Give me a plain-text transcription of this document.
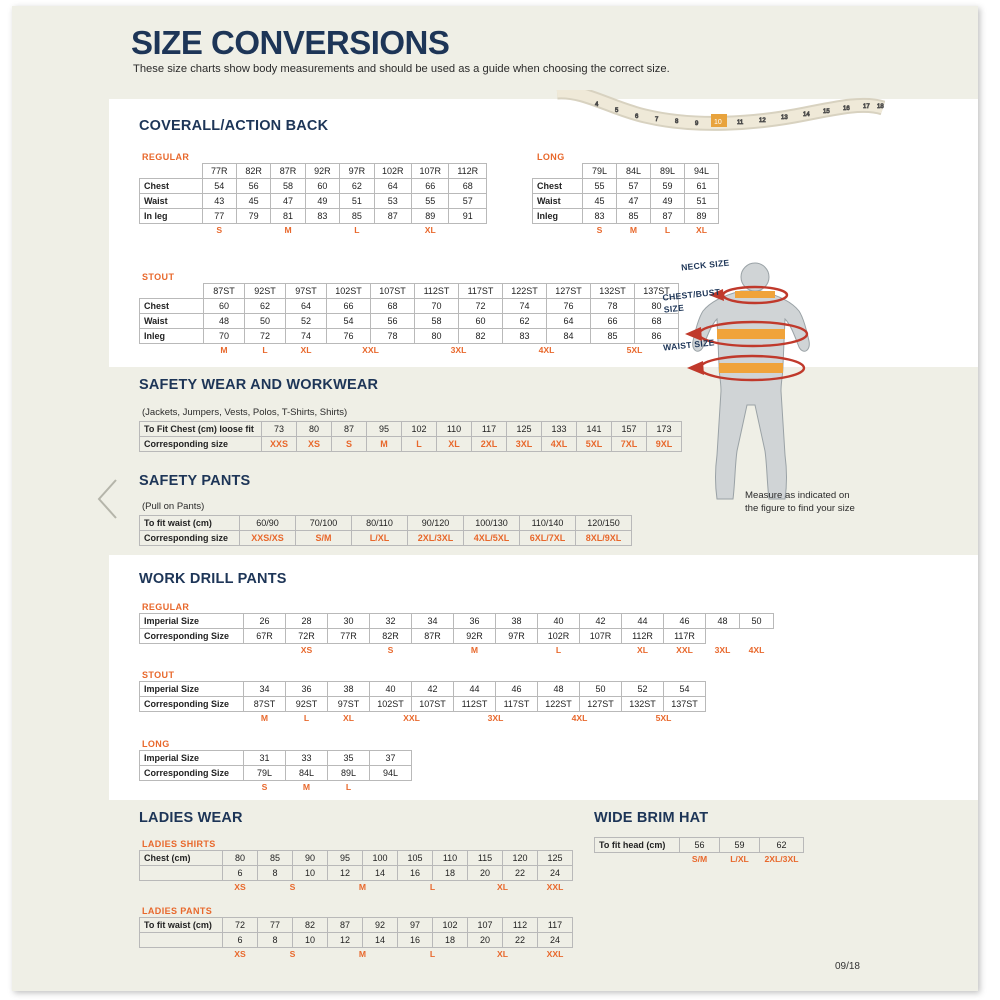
SIZE CONVERSIONS
These size charts show body measurements and should be used as a guide when choosing the correct size.
4
5
6	7	8	9	11	12	13	14 15 16 17 18
10
COVERALL/ACTION BACK
REGULAR
	77R	82R	87R	92R	97R	102R	107R	112R
Chest	54	56	58	60	62	64	66	68
Waist	43	45	47	49	51	53	55	57
In leg	77	79	81	83	85	87	89	91
	S		M		L		XL	
LONG
	79L	84L	89L	94L
Chest	55	57	59	61
Waist	45	47	49	51
Inleg	83	85	87	89
	S	M	L	XL
STOUT
	87ST	92ST	97ST	102ST	107ST	112ST	117ST	122ST	127ST	132ST	137ST
Chest	60	62	64	66	68	70	72	74	76	78	80
Waist	48	50	52	54	56	58	60	62	64	66	68
Inleg	70	72	74	76	78	80	82	83	84	85	86
	M	L	XL	XXL		3XL		4XL		5XL	
SAFETY WEAR AND WORKWEAR
(Jackets, Jumpers, Vests, Polos, T-Shirts, Shirts)
To Fit Chest (cm) loose fit	73	80	87	95	102	110	117	125	133	141	157	173
Corresponding size	XXS	XS	S	M	L	XL	2XL	3XL	4XL	5XL	7XL	9XL
SAFETY PANTS
(Pull on Pants)
To fit waist (cm)	60/90	70/100	80/110	90/120	100/130	110/140	120/150
Corresponding size	XXS/XS	S/M	L/XL	2XL/3XL	4XL/5XL	6XL/7XL	8XL/9XL
WORK DRILL PANTS
REGULAR
Imperial Size	26	28	30	32	34	36	38	40	42	44	46	48	50
Corresponding Size	67R	72R	77R	82R	87R	92R	97R	102R	107R	112R	117R		
		XS		S		M		L		XL	XXL	3XL	4XL
STOUT
Imperial Size	34	36	38	40	42	44	46	48	50	52	54
Corresponding Size	87ST	92ST	97ST	102ST	107ST	112ST	117ST	122ST	127ST	132ST	137ST
	M	L	XL	XXL		3XL		4XL		5XL	
LONG
Imperial Size	31	33	35	37
Corresponding Size	79L	84L	89L	94L
	S	M	L	
LADIES WEAR
LADIES SHIRTS
Chest (cm)	80	85	90	95	100	105	110	115	120	125
	6	8	10	12	14	16	18	20	22	24
	XS	S		M		L		XL		XXL
LADIES PANTS
To fit waist (cm)	72	77	82	87	92	97	102	107	112	117
	6	8	10	12	14	16	18	20	22	24
	XS	S		M		L		XL		XXL
WIDE BRIM HAT
To fit head (cm)	56	59	62
	S/M	L/XL	2XL/3XL
NECK SIZE
CHEST/BUST SIZE
WAIST SIZE
Measure as indicated on the figure to find your size
09/18
